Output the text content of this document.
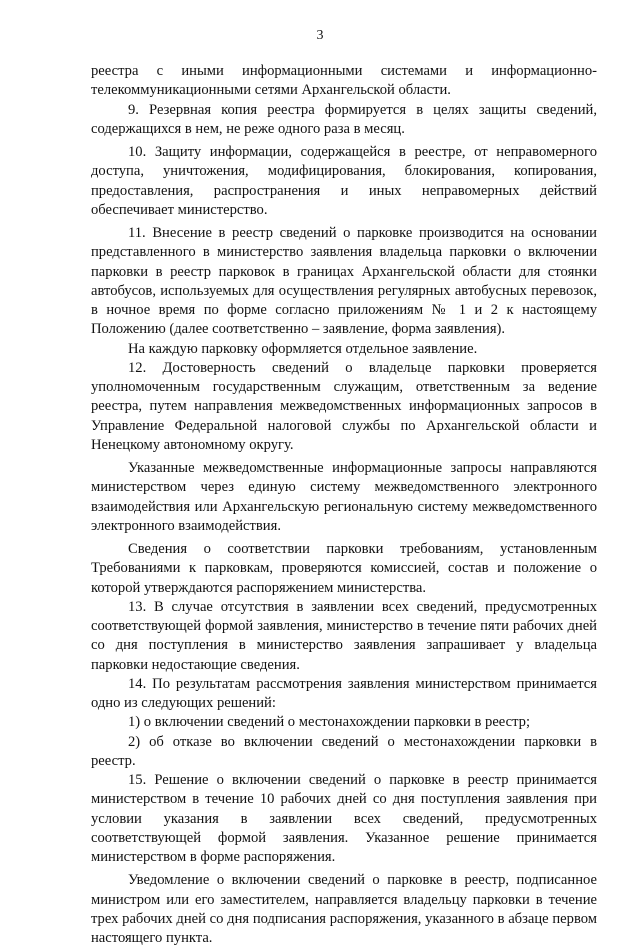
3

реестра с иными информационными системами и информационно-телекоммуникационными сетями Архангельской области.

9. Резервная копия реестра формируется в целях защиты сведений, содержащихся в нем, не реже одного раза в месяц.

10. Защиту информации, содержащейся в реестре, от неправомерного доступа, уничтожения, модифицирования, блокирования, копирования, предоставления, распространения и иных неправомерных действий обеспечивает министерство.

11. Внесение в реестр сведений о парковке производится на основании представленного в министерство заявления владельца парковки о включении парковки в реестр парковок в границах Архангельской области для стоянки автобусов, используемых для осуществления регулярных автобусных перевозок, в ночное время по форме согласно приложениям № 1 и 2 к настоящему Положению (далее соответственно – заявление, форма заявления).

На каждую парковку оформляется отдельное заявление.

12. Достоверность сведений о владельце парковки проверяется уполномоченным государственным служащим, ответственным за ведение реестра, путем направления межведомственных информационных запросов в Управление Федеральной налоговой службы по Архангельской области и Ненецкому автономному округу.

Указанные межведомственные информационные запросы направляются министерством через единую систему межведомственного электронного взаимодействия или Архангельскую региональную систему межведомственного электронного взаимодействия.

Сведения о соответствии парковки требованиям, установленным Требованиями к парковкам, проверяются комиссией, состав и положение о которой утверждаются распоряжением министерства.

13. В случае отсутствия в заявлении всех сведений, предусмотренных соответствующей формой заявления, министерство в течение пяти рабочих дней со дня поступления в министерство заявления запрашивает у владельца парковки недостающие сведения.

14. По результатам рассмотрения заявления министерством принимается одно из следующих решений:

1) о включении сведений о местонахождении парковки в реестр;

2) об отказе во включении сведений о местонахождении парковки в реестр.

15. Решение о включении сведений о парковке в реестр принимается министерством в течение 10 рабочих дней со дня поступления заявления при условии указания в заявлении всех сведений, предусмотренных соответствующей формой заявления. Указанное решение принимается министерством в форме распоряжения.

Уведомление о включении сведений о парковке в реестр, подписанное министром или его заместителем, направляется владельцу парковки в течение трех рабочих дней со дня подписания распоряжения, указанного в абзаце первом настоящего пункта.
